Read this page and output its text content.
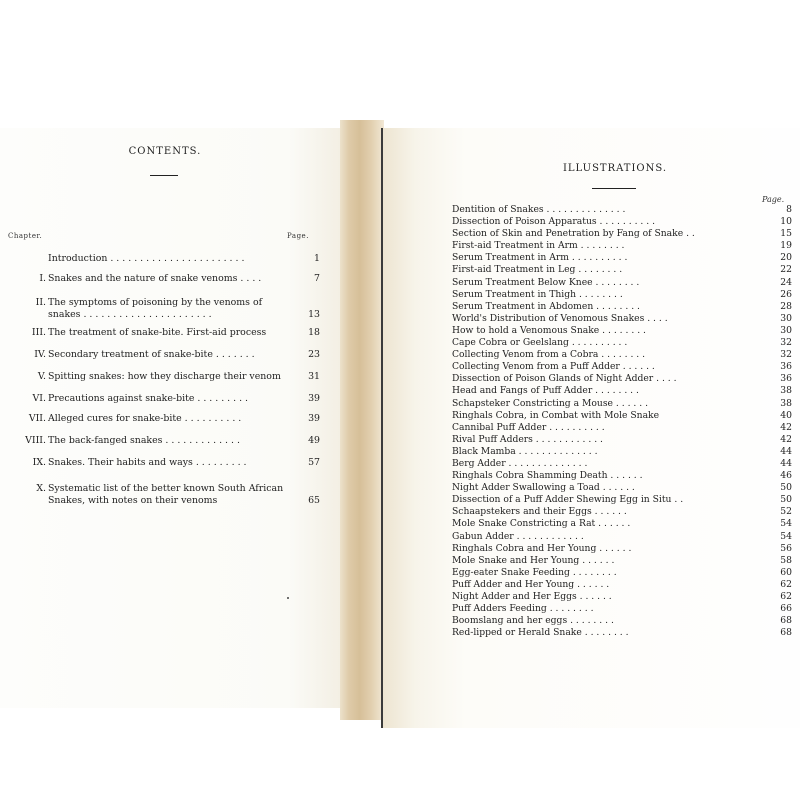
CONTENTS.
Chapter.	Page.
Introduction . . . . . . . . . . . . . . . . . . . . . . .	1
I. Snakes and the nature of snake venoms . . . .	7
II. The symptoms of poisoning by the venoms of snakes . . . . . . . . . . . . . . . . . . . . . .	13
III. The treatment of snake-bite. First-aid process	18
IV. Secondary treatment of snake-bite . . . . . . .	23
V. Spitting snakes: how they discharge their venom	31
VI. Precautions against snake-bite . . . . . . . . .	39
VII. Alleged cures for snake-bite . . . . . . . . . .	39
VIII. The back-fanged snakes . . . . . . . . . . . . .	49
IX. Snakes. Their habits and ways . . . . . . . . .	57
X. Systematic list of the better known South African Snakes, with notes on their venoms	65
ILLUSTRATIONS.
Page.
Dentition of Snakes . . . . . . . . . . . . . .	8
Dissection of Poison Apparatus . . . . . . . . . .	10
Section of Skin and Penetration by Fang of Snake . .	15
First-aid Treatment in Arm . . . . . . . .	19
Serum Treatment in Arm . . . . . . . . . .	20
First-aid Treatment in Leg . . . . . . . .	22
Serum Treatment Below Knee . . . . . . . .	24
Serum Treatment in Thigh . . . . . . . .	26
Serum Treatment in Abdomen . . . . . . . .	28
World's Distribution of Venomous Snakes . . . .	30
How to hold a Venomous Snake . . . . . . . .	30
Cape Cobra or Geelslang . . . . . . . . . .	32
Collecting Venom from a Cobra . . . . . . . .	32
Collecting Venom from a Puff Adder . . . . . .	36
Dissection of Poison Glands of Night Adder . . . .	36
Head and Fangs of Puff Adder . . . . . . . .	38
Schapsteker Constricting a Mouse . . . . . .	38
Ringhals Cobra, in Combat with Mole Snake	40
Cannibal Puff Adder . . . . . . . . . .	42
Rival Puff Adders . . . . . . . . . . . .	42
Black Mamba . . . . . . . . . . . . . .	44
Berg Adder . . . . . . . . . . . . . .	44
Ringhals Cobra Shamming Death . . . . . .	46
Night Adder Swallowing a Toad . . . . . .	50
Dissection of a Puff Adder Shewing Egg in Situ . .	50
Schaapstekers and their Eggs . . . . . .	52
Mole Snake Constricting a Rat . . . . . .	54
Gabun Adder . . . . . . . . . . . .	54
Ringhals Cobra and Her Young . . . . . .	56
Mole Snake and Her Young . . . . . .	58
Egg-eater Snake Feeding . . . . . . . .	60
Puff Adder and Her Young . . . . . .	62
Night Adder and Her Eggs . . . . . .	62
Puff Adders Feeding . . . . . . . .	66
Boomslang and her eggs . . . . . . . .	68
Red-lipped or Herald Snake . . . . . . . .	68
